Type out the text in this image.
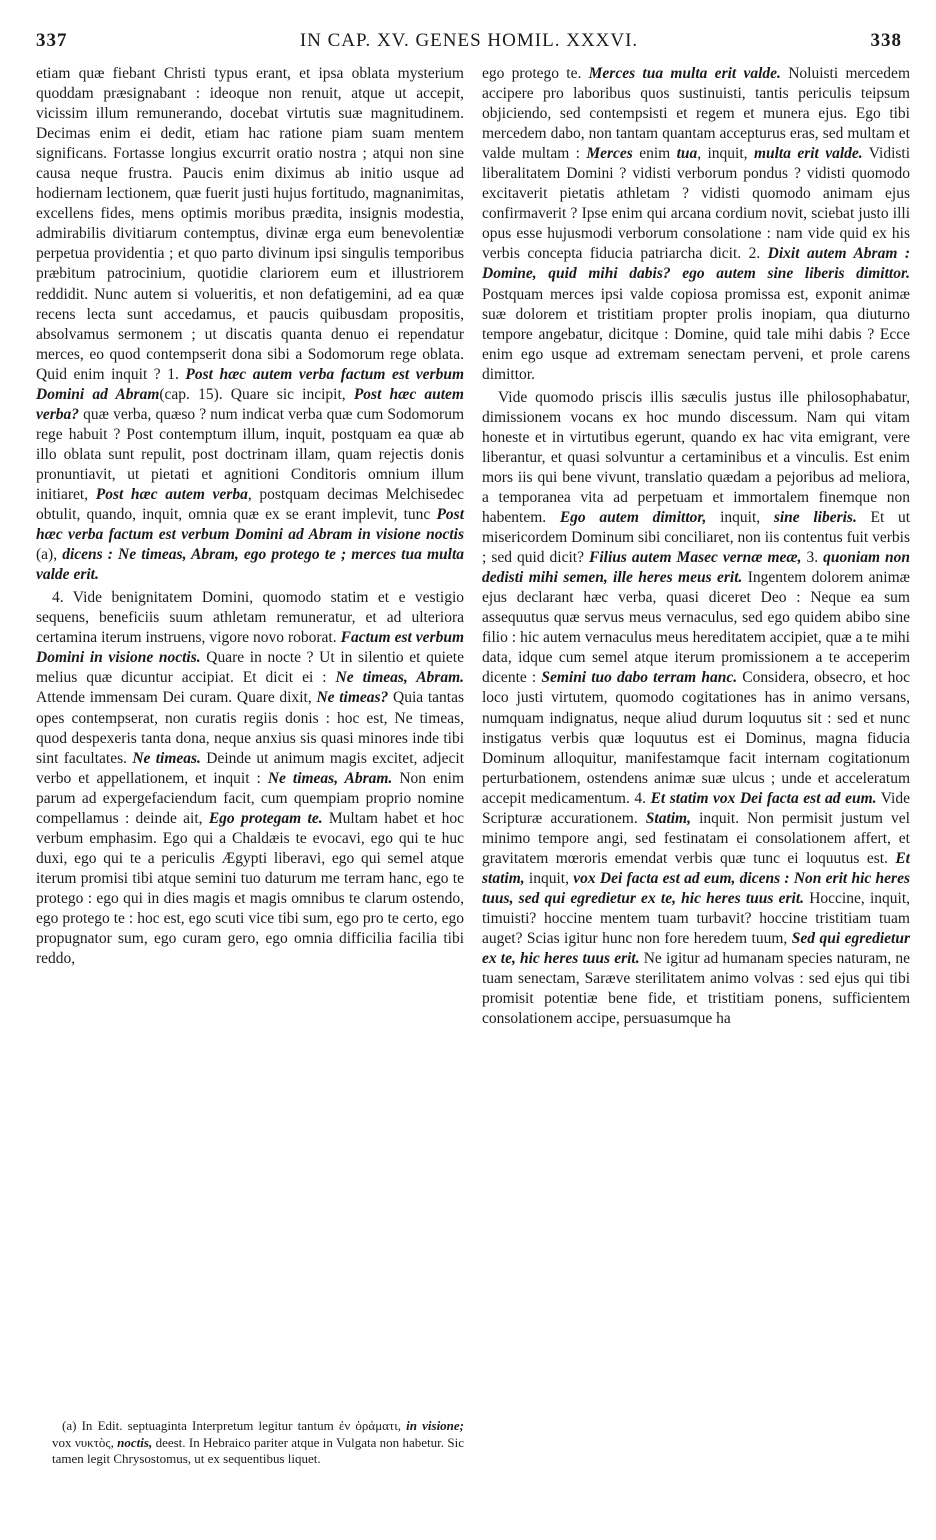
337	IN CAP. XV. GENES HOMIL. XXXVI.	338

etiam quæ fiebant Christi typus erant, et ipsa oblata mysterium quoddam præsignabant : ideoque non renuit, atque ut accepit, vicissim illum remunerando, docebat virtutis suæ magnitudinem. Decimas enim ei dedit, etiam hac ratione piam suam mentem significans. Fortasse longius excurrit oratio nostra ; atqui non sine causa neque frustra. Paucis enim diximus ab initio usque ad hodiernam lectionem, quæ fuerit justi hujus fortitudo, magnanimitas, excellens fides, mens optimis moribus prædita, insignis modestia, admirabilis divitiarum contemptus, divinæ erga eum benevolentiæ perpetua providentia ; et quo parto divinum ipsi singulis temporibus præbitum patrocinium, quotidie clariorem eum et illustriorem reddidit. Nunc autem si volueritis, et non defatigemini, ad ea quæ recens lecta sunt accedamus, et paucis quibusdam propositis, absolvamus sermonem ; ut discatis quanta denuo ei rependatur merces, eo quod contempserit dona sibi a Sodomorum rege oblata. Quid enim inquit ? 1. Post hæc autem verba factum est verbum Domini ad Abram(cap. 15). Quare sic incipit, Post hæc autem verba? quæ verba, quæso ? num indicat verba quæ cum Sodomorum rege habuit ? Post contemptum illum, inquit, postquam ea quæ ab illo oblata sunt repulit, post doctrinam illam, quam rejectis donis pronuntiavit, ut pietati et agnitioni Conditoris omnium illum initiaret, Post hæc autem verba, postquam decimas Melchisedec obtulit, quando, inquit, omnia quæ ex se erant implevit, tunc Post hæc verba factum est verbum Domini ad Abram in visione noctis (a), dicens : Ne timeas, Abram, ego protego te ; merces tua multa valde erit.

4. Vide benignitatem Domini, quomodo statim et e vestigio sequens, beneficiis suum athletam remuneratur, et ad ulteriora certamina iterum instruens, vigore novo roborat. Factum est verbum Domini in visione noctis. Quare in nocte ? Ut in silentio et quiete melius quæ dicuntur accipiat. Et dicit ei : Ne timeas, Abram. Attende immensam Dei curam. Quare dixit, Ne timeas? Quia tantas opes contempserat, non curatis regiis donis : hoc est, Ne timeas, quod despexeris tanta dona, neque anxius sis quasi minores inde tibi sint facultates. Ne timeas. Deinde ut animum magis excitet, adjecit verbo et appellationem, et inquit : Ne timeas, Abram. Non enim parum ad expergefaciendum facit, cum quempiam proprio nomine compellamus : deinde ait, Ego protegam te. Multam habet et hoc verbum emphasim. Ego qui a Chaldæis te evocavi, ego qui te huc duxi, ego qui te a periculis Ægypti liberavi, ego qui semel atque iterum promisi tibi atque semini tuo daturum me terram hanc, ego te protego : ego qui in dies magis et magis omnibus te clarum ostendo, ego protego te : hoc est, ego scuti vice tibi sum, ego pro te certo, ego propugnator sum, ego curam gero, ego omnia difficilia facilia tibi reddo,

(a) In Edit. septuaginta Interpretum legitur tantum ἐν ὁράματι, in visione; vox νυκτὸς, noctis, deest. In Hebraico pariter atque in Vulgata non habetur. Sic tamen legit Chrysostomus, ut ex sequentibus liquet.

ego protego te. Merces tua multa erit valde. Noluisti mercedem accipere pro laboribus quos sustinuisti, tantis periculis teipsum objiciendo, sed contempsisti et regem et munera ejus. Ego tibi mercedem dabo, non tantam quantam accepturus eras, sed multam et valde multam : Merces enim tua, inquit, multa erit valde. Vidisti liberalitatem Domini ? vidisti verborum pondus ? vidisti quomodo excitaverit pietatis athletam ? vidisti quomodo animam ejus confirmaverit ? Ipse enim qui arcana cordium novit, sciebat justo illi opus esse hujusmodi verborum consolatione : nam vide quid ex his verbis concepta fiducia patriarcha dicit. 2. Dixit autem Abram : Domine, quid mihi dabis? ego autem sine liberis dimittor. Postquam merces ipsi valde copiosa promissa est, exponit animæ suæ dolorem et tristitiam propter prolis inopiam, qua diuturno tempore angebatur, dicitque : Domine, quid tale mihi dabis ? Ecce enim ego usque ad extremam senectam perveni, et prole carens dimittor.

Vide quomodo priscis illis sæculis justus ille philosophabatur, dimissionem vocans ex hoc mundo discessum. Nam qui vitam honeste et in virtutibus egerunt, quando ex hac vita emigrant, vere liberantur, et quasi solvuntur a certaminibus et a vinculis. Est enim mors iis qui bene vivunt, translatio quædam a pejoribus ad meliora, a temporanea vita ad perpetuam et immortalem finemque non habentem. Ego autem dimittor, inquit, sine liberis. Et ut misericordem Dominum sibi conciliaret, non iis contentus fuit verbis ; sed quid dicit? Filius autem Masec vernæ meæ, 3. quoniam non dedisti mihi semen, ille heres meus erit. Ingentem dolorem animæ ejus declarant hæc verba, quasi diceret Deo : Neque ea sum assequutus quæ servus meus vernaculus, sed ego quidem abibo sine filio : hic autem vernaculus meus hereditatem accipiet, quæ a te mihi data, idque cum semel atque iterum promissionem a te acceperim dicente : Semini tuo dabo terram hanc. Considera, obsecro, et hoc loco justi virtutem, quomodo cogitationes has in animo versans, numquam indignatus, neque aliud durum loquutus sit : sed et nunc instigatus verbis quæ loquutus est ei Dominus, magna fiducia Dominum alloquitur, manifestamque facit internam cogitationum perturbationem, ostendens animæ suæ ulcus ; unde et acceleratum accepit medicamentum. 4. Et statim vox Dei facta est ad eum. Vide Scripturæ accurationem. Statim, inquit. Non permisit justum vel minimo tempore angi, sed festinatam ei consolationem affert, et gravitatem mœroris emendat verbis quæ tunc ei loquutus est. Et statim, inquit, vox Dei facta est ad eum, dicens : Non erit hic heres tuus, sed qui egredietur ex te, hic heres tuus erit. Hoccine, inquit, timuisti? hoccine mentem tuam turbavit? hoccine tristitiam tuam auget? Scias igitur hunc non fore heredem tuum, Sed qui egredietur ex te, hic heres tuus erit. Ne igitur ad humanam species naturam, ne tuam senectam, Saræve sterilitatem animo volvas : sed ejus qui tibi promisit potentiæ bene fide, et tristitiam ponens, sufficientem consolationem accipe, persuasumque ha
